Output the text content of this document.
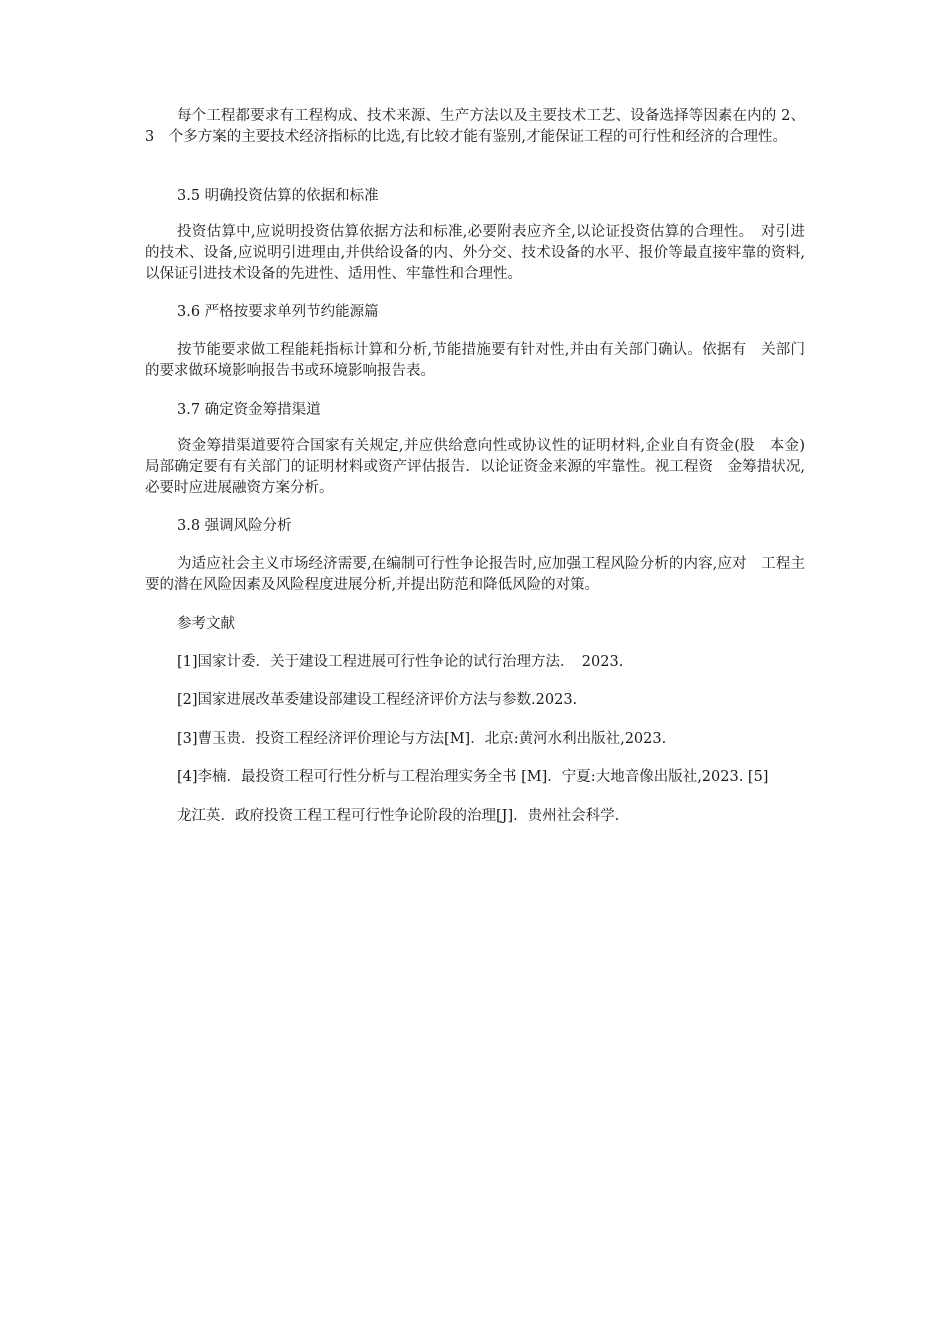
每个工程都要求有工程构成、技术来源、生产方法以及主要技术工艺、设备选择等因素在内的 2、3　个多方案的主要技术经济指标的比选,有比较才能有鉴别,才能保证工程的可行性和经济的合理性。

3.5 明确投资估算的依据和标准

投资估算中,应说明投资估算依据方法和标准,必要附表应齐全,以论证投资估算的合理性。　对引进的技术、设备,应说明引进理由,并供给设备的内、外分交、技术设备的水平、报价等最直接牢靠的资料,以保证引进技术设备的先进性、适用性、牢靠性和合理性。

3.6 严格按要求单列节约能源篇

按节能要求做工程能耗指标计算和分析,节能措施要有针对性,并由有关部门确认。依据有　关部门的要求做环境影响报告书或环境影响报告表。

3.7 确定资金筹措渠道

资金筹措渠道要符合国家有关规定,并应供给意向性或协议性的证明材料,企业自有资金(股　本金)局部确定要有有关部门的证明材料或资产评估报告．以论证资金来源的牢靠性。视工程资　金筹措状况,必要时应进展融资方案分析。

3.8 强调风险分析

为适应社会主义市场经济需要,在编制可行性争论报告时,应加强工程风险分析的内容,应对　工程主要的潜在风险因素及风险程度进展分析,并提出防范和降低风险的对策。

参考文献

[1]国家计委．关于建设工程进展可行性争论的试行治理方法．　2023.

[2]国家进展改革委建设部建设工程经济评价方法与参数.2023.

[3]曹玉贵．投资工程经济评价理论与方法[M]．北京:黄河水利出版社,2023.

[4]李楠．最投资工程可行性分析与工程治理实务全书 [M]．宁夏:大地音像出版社,2023. [5]

龙江英．政府投资工程工程可行性争论阶段的治理[J]．贵州社会科学.
